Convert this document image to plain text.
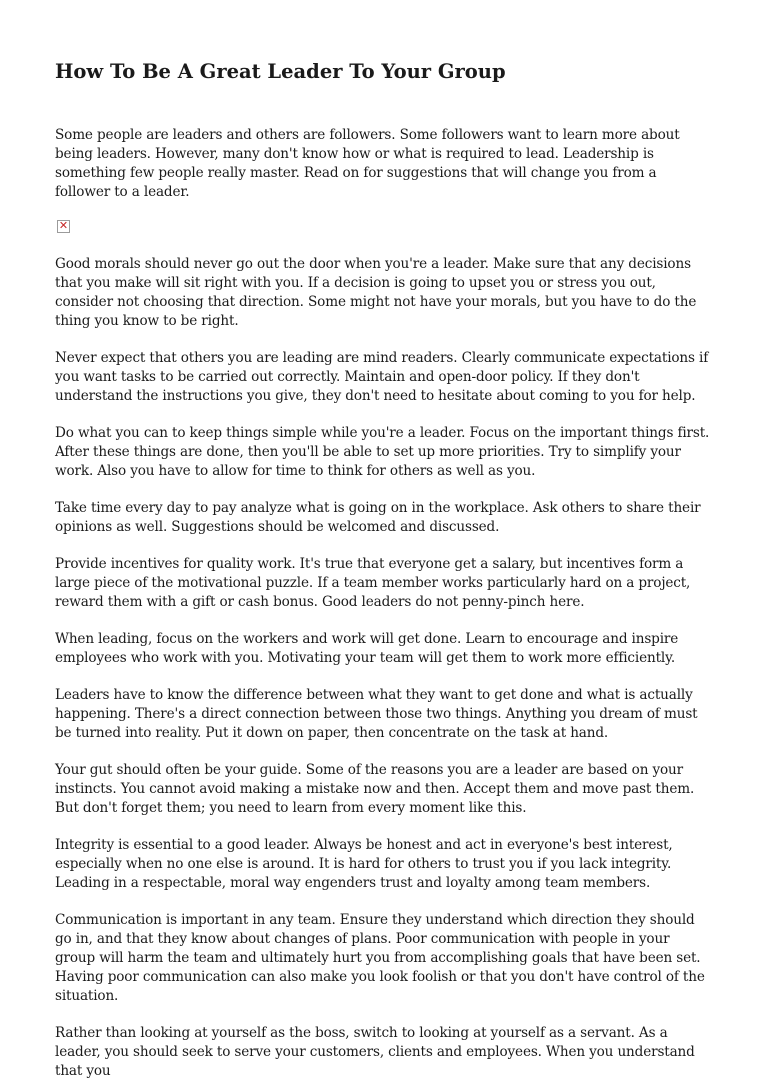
How To Be A Great Leader To Your Group

Some people are leaders and others are followers. Some followers want to learn more about being leaders. However, many don't know how or what is required to lead. Leadership is something few people really master. Read on for suggestions that will change you from a follower to a leader.

✕

Good morals should never go out the door when you're a leader. Make sure that any decisions that you make will sit right with you. If a decision is going to upset you or stress you out, consider not choosing that direction. Some might not have your morals, but you have to do the thing you know to be right.

Never expect that others you are leading are mind readers. Clearly communicate expectations if you want tasks to be carried out correctly. Maintain and open-door policy. If they don't understand the instructions you give, they don't need to hesitate about coming to you for help.

Do what you can to keep things simple while you're a leader. Focus on the important things first. After these things are done, then you'll be able to set up more priorities. Try to simplify your work. Also you have to allow for time to think for others as well as you.

Take time every day to pay analyze what is going on in the workplace. Ask others to share their opinions as well. Suggestions should be welcomed and discussed.

Provide incentives for quality work. It's true that everyone get a salary, but incentives form a large piece of the motivational puzzle. If a team member works particularly hard on a project, reward them with a gift or cash bonus. Good leaders do not penny-pinch here.

When leading, focus on the workers and work will get done. Learn to encourage and inspire employees who work with you. Motivating your team will get them to work more efficiently.

Leaders have to know the difference between what they want to get done and what is actually happening. There's a direct connection between those two things. Anything you dream of must be turned into reality. Put it down on paper, then concentrate on the task at hand.

Your gut should often be your guide. Some of the reasons you are a leader are based on your instincts. You cannot avoid making a mistake now and then. Accept them and move past them. But don't forget them; you need to learn from every moment like this.

Integrity is essential to a good leader. Always be honest and act in everyone's best interest, especially when no one else is around. It is hard for others to trust you if you lack integrity. Leading in a respectable, moral way engenders trust and loyalty among team members.

Communication is important in any team. Ensure they understand which direction they should go in, and that they know about changes of plans. Poor communication with people in your group will harm the team and ultimately hurt you from accomplishing goals that have been set. Having poor communication can also make you look foolish or that you don't have control of the situation.

Rather than looking at yourself as the boss, switch to looking at yourself as a servant. As a leader, you should seek to serve your customers, clients and employees. When you understand that you
